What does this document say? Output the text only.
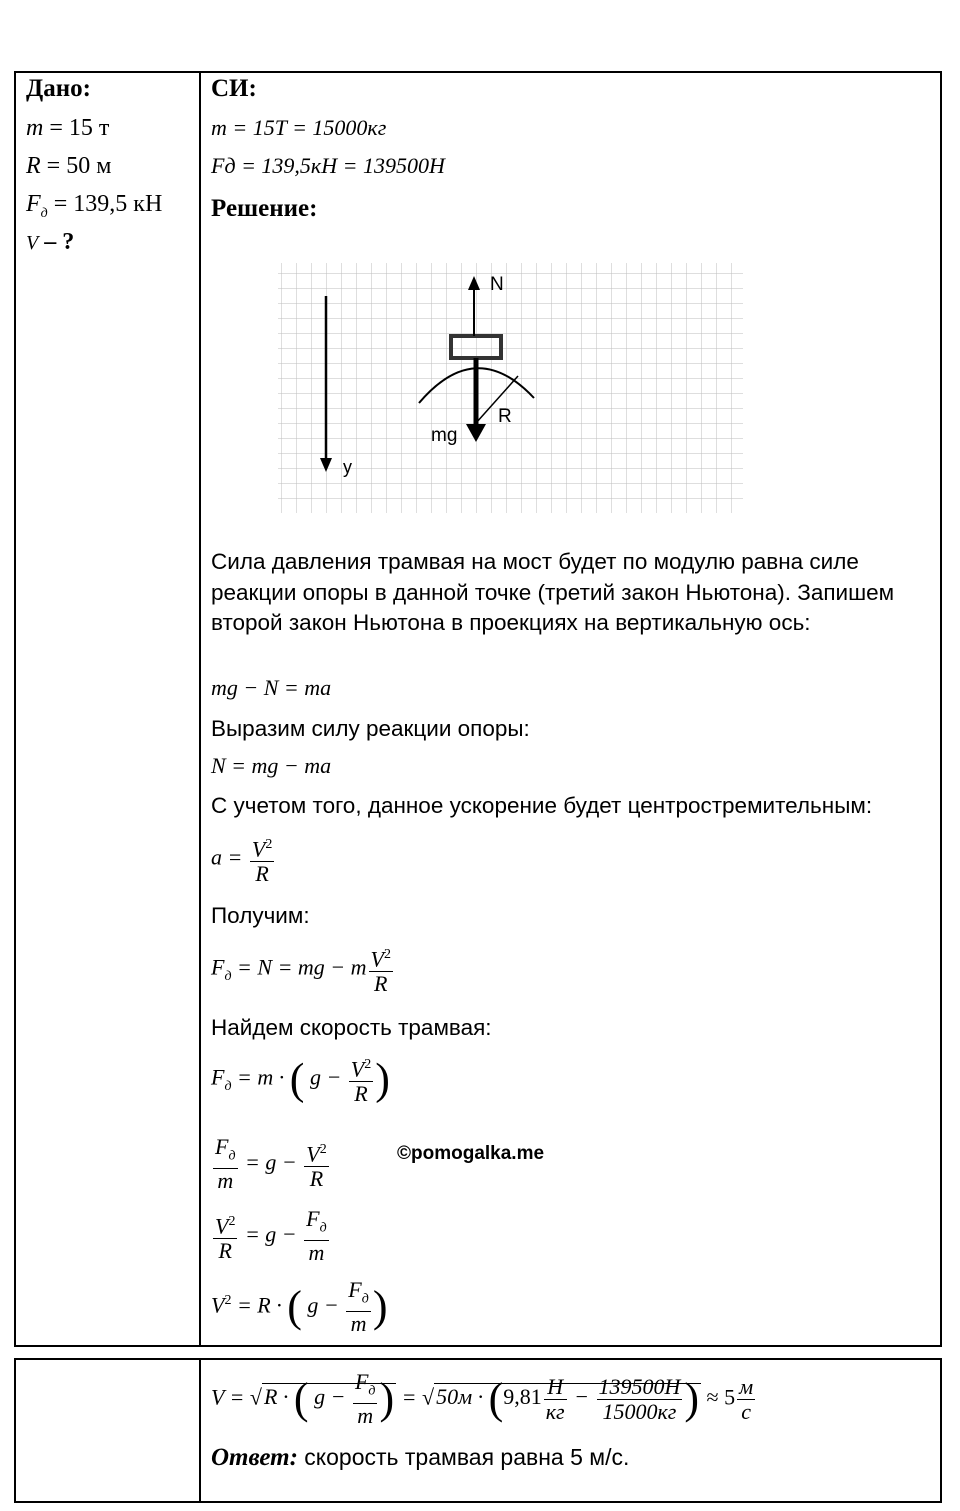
Дано:
m = 15 т
R = 50 м
$F_д = 139,5$ кН
V – ?
СИ:
m = 15T = 15000кг
Fд = 139,5кH = 139500H
Решение:
y
N
mg
R
Сила давления трамвая на мост будет по модулю равна силе реакции опоры в данной точке (третий закон Ньютона). Запишем второй закон Ньютона в проекциях на вертикальную ось:
mg − N = ma
Выразим силу реакции опоры:
N = mg − ma
С учетом того, данное ускорение будет центростремительным:
$a = \frac{V^2}{R}$
Получим:
$F_д = N$ = mg − m $\frac{V^2}{R}$
Найдем скорость трамвая:
$F_д = m$ · ( $g - \frac{V^2}{R}$ )
$\frac{F_д}{m} = g - \frac{V^2}{R}$	©pomogalka.me
$\frac{V^2}{R} = g - \frac{F_д}{m}$
$V^2 = R$ · ( $g - \frac{F_д}{m}$ )
V = √R · ( $g - \frac{F_д}{m}$ ) = $√50м \cdot (9,81 \frac{H}{кг} - \frac{139500H}{15000кг}$ ) ≈ $5 \frac{м}{с}$
Ответ: скорость трамвая равна 5 м/с.
